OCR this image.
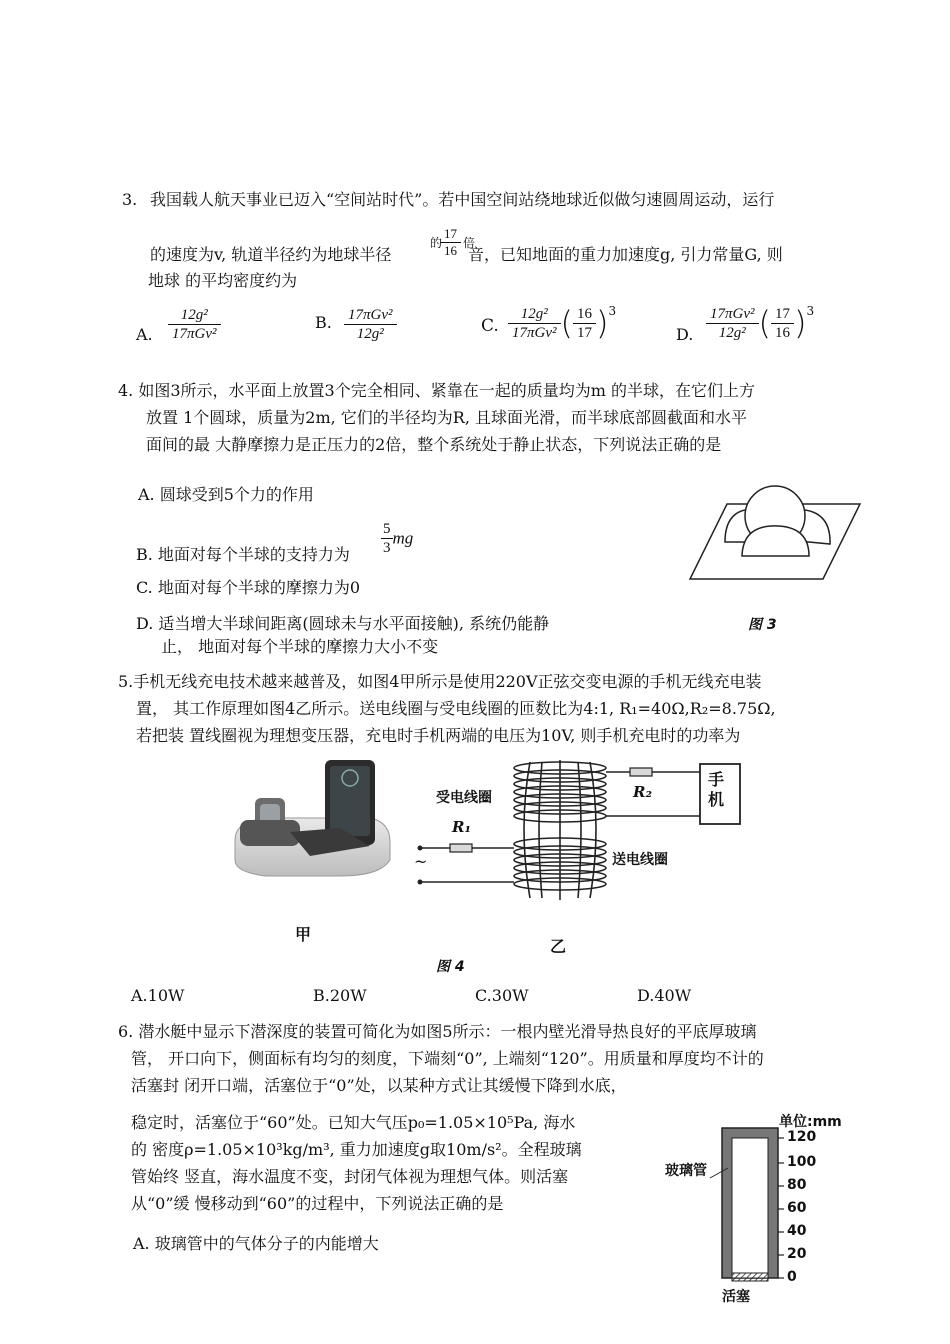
3. 我国载人航天事业已迈入“空间站时代”。若中国空间站绕地球近似做匀速圆周运动，运行
的速度为v, 轨道半径约为地球半径
的
$\frac{17}{16}$ 倍
音，已知地面的重力加速度g, 引力常量G, 则
地球 的平均密度约为
A.
12g²
17πGv²
B. 17πGv²
12g²	C. $\frac{\text{12g²}}{\text{17πGv²}}$ ( $\frac{16}{17} )^3$
D. $\frac{\text{17πGv²}}{\text{12g²}}$ ( $\frac{17}{16} )^3$
4. 如图3所示，水平面上放置3个完全相同、紧靠在一起的质量均为m 的半球，在它们上方
放置 1个圆球，质量为2m, 它们的半径均为R, 且球面光滑，而半球底部圆截面和水平
面间的最 大静摩擦力是正压力的2倍，整个系统处于静止状态，下列说法正确的是
A. 圆球受到5个力的作用
B. 地面对每个半球的支持力为 $\frac{5}{3}$ mg
C. 地面对每个半球的摩擦力为0
D. 适当增大半球间距离(圆球未与水平面接触), 系统仍能静
止， 地面对每个半球的摩擦力大小不变
图 3
5.手机无线充电技术越来越普及，如图4甲所示是使用220V正弦交变电源的手机无线充电装
置， 其工作原理如图4乙所示。送电线圈与受电线圈的匝数比为4:1, R₁=40Ω,R₂=8.75Ω,
若把装 置线圈视为理想变压器，充电时手机两端的电压为10V, 则手机充电时的功率为
甲
受电线圈
送电线圈
R₂
R₁
手机
~
乙
图 4
A.10W	B.20W	C.30W	D.40W
6. 潜水艇中显示下潜深度的装置可简化为如图5所示：一根内壁光滑导热良好的平底厚玻璃
管， 开口向下，侧面标有均匀的刻度，下端刻“0”, 上端刻“120”。用质量和厚度均不计的
活塞封 闭开口端，活塞位于“0”处，以某种方式让其缓慢下降到水底，
稳定时，活塞位于“60”处。已知大气压p₀=1.05×10⁵Pa, 海水
的 密度ρ=1.05×10³kg/m³, 重力加速度g取10m/s²。全程玻璃
管始终 竖直，海水温度不变，封闭气体视为理想气体。则活塞
从“0”缓 慢移动到“60”的过程中，下列说法正确的是
A. 玻璃管中的气体分子的内能增大
单位:mm
玻璃管
活塞
120
100
80
60
40
20
0
